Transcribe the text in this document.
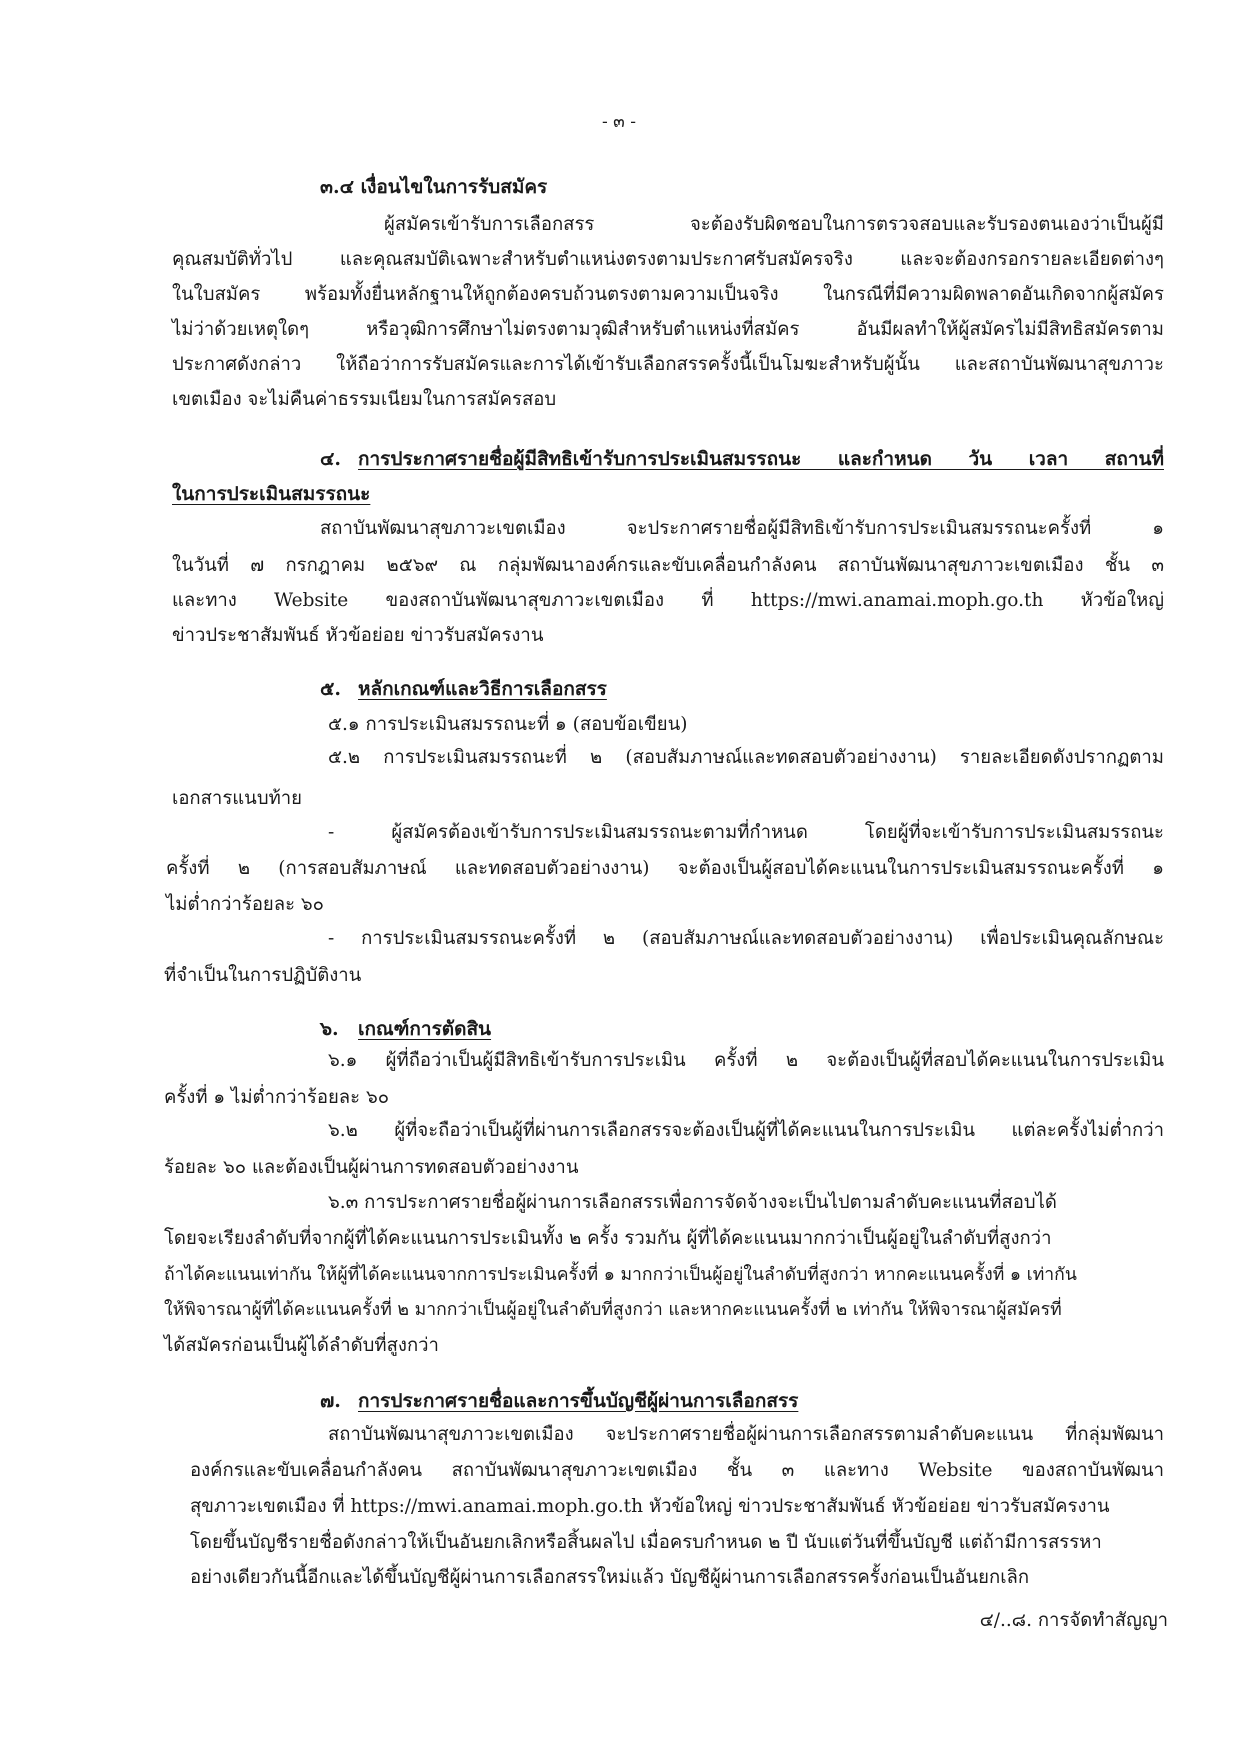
- ๓ -
๓.๔ เงื่อนไขในการรับสมัคร
ผู้สมัครเข้ารับการเลือกสรร จะต้องรับผิดชอบในการตรวจสอบและรับรองตนเองว่าเป็นผู้มี
คุณสมบัติทั่วไป และคุณสมบัติเฉพาะสำหรับตำแหน่งตรงตามประกาศรับสมัครจริง และจะต้องกรอกรายละเอียดต่างๆ
ในใบสมัคร พร้อมทั้งยื่นหลักฐานให้ถูกต้องครบถ้วนตรงตามความเป็นจริง ในกรณีที่มีความผิดพลาดอันเกิดจากผู้สมัคร
ไม่ว่าด้วยเหตุใดๆ หรือวุฒิการศึกษาไม่ตรงตามวุฒิสำหรับตำแหน่งที่สมัคร อันมีผลทำให้ผู้สมัครไม่มีสิทธิสมัครตาม
ประกาศดังกล่าว ให้ถือว่าการรับสมัครและการได้เข้ารับเลือกสรรครั้งนี้เป็นโมฆะสำหรับผู้นั้น และสถาบันพัฒนาสุขภาวะ
เขตเมือง จะไม่คืนค่าธรรมเนียมในการสมัครสอบ
๔. การประกาศรายชื่อผู้มีสิทธิเข้ารับการประเมินสมรรถนะ และกำหนด วัน เวลา สถานที่
ในการประเมินสมรรถนะ
สถาบันพัฒนาสุขภาวะเขตเมือง จะประกาศรายชื่อผู้มีสิทธิเข้ารับการประเมินสมรรถนะครั้งที่ ๑
ในวันที่ ๗ กรกฎาคม ๒๕๖๙ ณ กลุ่มพัฒนาองค์กรและขับเคลื่อนกำลังคน สถาบันพัฒนาสุขภาวะเขตเมือง ชั้น ๓
และทาง Website ของสถาบันพัฒนาสุขภาวะเขตเมือง ที่ https://mwi.anamai.moph.go.th หัวข้อใหญ่
ข่าวประชาสัมพันธ์ หัวข้อย่อย ข่าวรับสมัครงาน
๕. หลักเกณฑ์และวิธีการเลือกสรร
๕.๑ การประเมินสมรรถนะที่ ๑ (สอบข้อเขียน)
๕.๒ การประเมินสมรรถนะที่ ๒ (สอบสัมภาษณ์และทดสอบตัวอย่างงาน) รายละเอียดดังปรากฏตาม
เอกสารแนบท้าย
- ผู้สมัครต้องเข้ารับการประเมินสมรรถนะตามที่กำหนด โดยผู้ที่จะเข้ารับการประเมินสมรรถนะ
ครั้งที่ ๒ (การสอบสัมภาษณ์ และทดสอบตัวอย่างงาน) จะต้องเป็นผู้สอบได้คะแนนในการประเมินสมรรถนะครั้งที่ ๑
ไม่ต่ำกว่าร้อยละ ๖๐
- การประเมินสมรรถนะครั้งที่ ๒ (สอบสัมภาษณ์และทดสอบตัวอย่างงาน) เพื่อประเมินคุณลักษณะ
ที่จำเป็นในการปฏิบัติงาน
๖. เกณฑ์การตัดสิน
๖.๑ ผู้ที่ถือว่าเป็นผู้มีสิทธิเข้ารับการประเมิน ครั้งที่ ๒ จะต้องเป็นผู้ที่สอบได้คะแนนในการประเมิน
ครั้งที่ ๑ ไม่ต่ำกว่าร้อยละ ๖๐
๖.๒ ผู้ที่จะถือว่าเป็นผู้ที่ผ่านการเลือกสรรจะต้องเป็นผู้ที่ได้คะแนนในการประเมิน แต่ละครั้งไม่ต่ำกว่า
ร้อยละ ๖๐ และต้องเป็นผู้ผ่านการทดสอบตัวอย่างงาน
๖.๓ การประกาศรายชื่อผู้ผ่านการเลือกสรรเพื่อการจัดจ้างจะเป็นไปตามลำดับคะแนนที่สอบได้
โดยจะเรียงลำดับที่จากผู้ที่ได้คะแนนการประเมินทั้ง ๒ ครั้ง รวมกัน ผู้ที่ได้คะแนนมากกว่าเป็นผู้อยู่ในลำดับที่สูงกว่า
ถ้าได้คะแนนเท่ากัน ให้ผู้ที่ได้คะแนนจากการประเมินครั้งที่ ๑ มากกว่าเป็นผู้อยู่ในลำดับที่สูงกว่า หากคะแนนครั้งที่ ๑ เท่ากัน
ให้พิจารณาผู้ที่ได้คะแนนครั้งที่ ๒ มากกว่าเป็นผู้อยู่ในลำดับที่สูงกว่า และหากคะแนนครั้งที่ ๒ เท่ากัน ให้พิจารณาผู้สมัครที่
ได้สมัครก่อนเป็นผู้ได้ลำดับที่สูงกว่า
๗. การประกาศรายชื่อและการขึ้นบัญชีผู้ผ่านการเลือกสรร
สถาบันพัฒนาสุขภาวะเขตเมือง จะประกาศรายชื่อผู้ผ่านการเลือกสรรตามลำดับคะแนน ที่กลุ่มพัฒนา
องค์กรและขับเคลื่อนกำลังคน สถาบันพัฒนาสุขภาวะเขตเมือง ชั้น ๓ และทาง Website ของสถาบันพัฒนา
สุขภาวะเขตเมือง ที่ https://mwi.anamai.moph.go.th หัวข้อใหญ่ ข่าวประชาสัมพันธ์ หัวข้อย่อย ข่าวรับสมัครงาน
โดยขึ้นบัญชีรายชื่อดังกล่าวให้เป็นอันยกเลิกหรือสิ้นผลไป เมื่อครบกำหนด ๒ ปี นับแต่วันที่ขึ้นบัญชี แต่ถ้ามีการสรรหา
อย่างเดียวกันนี้อีกและได้ขึ้นบัญชีผู้ผ่านการเลือกสรรใหม่แล้ว บัญชีผู้ผ่านการเลือกสรรครั้งก่อนเป็นอันยกเลิก
๔/..๘. การจัดทำสัญญา
